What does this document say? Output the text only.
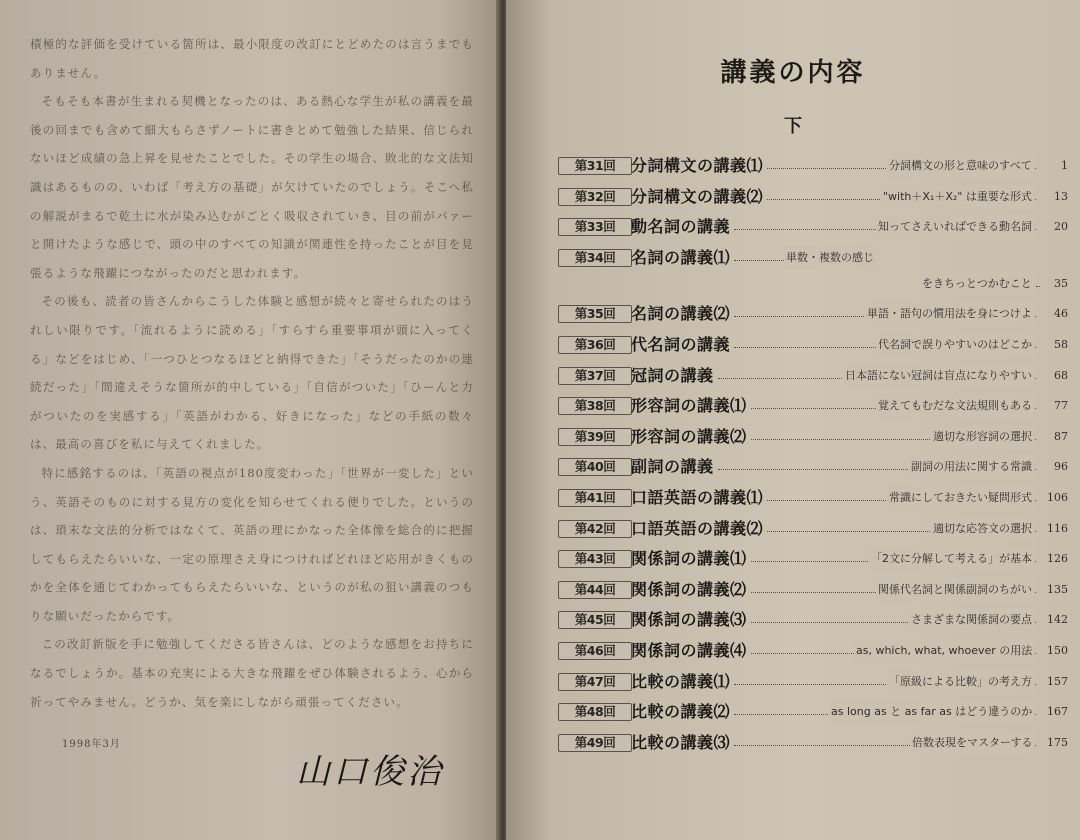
積極的な評価を受けている箇所は、最小限度の改訂にとどめたのは言うまでもありません。

そもそも本書が生まれる契機となったのは、ある熱心な学生が私の講義を最後の回までも含めて細大もらさずノートに書きとめて勉強した結果、信じられないほど成績の急上昇を見せたことでした。その学生の場合、敗北的な文法知識はあるものの、いわば「考え方の基礎」が欠けていたのでしょう。そこへ私の解説がまるで乾土に水が染み込むがごとく吸収されていき、目の前がパァーと開けたような感じで、頭の中のすべての知識が関連性を持ったことが目を見張るような飛躍につながったのだと思われます。

その後も、読者の皆さんからこうした体験と感想が続々と寄せられたのはうれしい限りです。「流れるように読める」「すらすら重要事項が頭に入ってくる」などをはじめ、「一つひとつなるほどと納得できた」「そうだったのかの連続だった」「間違えそうな箇所が的中している」「自信がついた」「ひーんと力がついたのを実感する」「英語がわかる、好きになった」などの手紙の数々は、最高の喜びを私に与えてくれました。

特に感銘するのは、「英語の視点が180度変わった」「世界が一変した」という、英語そのものに対する見方の変化を知らせてくれる便りでした。というのは、瑣末な文法的分析ではなくて、英語の理にかなった全体像を総合的に把握してもらえたらいいな、一定の原理さえ身につければどれほど応用がきくものかを全体を通じてわかってもらえたらいいな、というのが私の狙い講義のつもりな願いだったからです。

この改訂新版を手に勉強してくださる皆さんは、どのような感想をお持ちになるでしょうか。基本の充実による大きな飛躍をぜひ体験されるよう、心から祈ってやみません。どうか、気を楽にしながら頑張ってください。

1998年3月
山口俊治
講義の内容
下
第31回 分詞構文の講義⑴	分詞構文の形と意味のすべて	1
第32回 分詞構文の講義⑵	"with＋X₁＋X₂" は重要な形式	13
第33回 動名詞の講義	知ってさえいればできる動名詞	20
第34回 名詞の講義⑴	単数・複数の感じ
をきちっとつかむこと	35
第35回 名詞の講義⑵	単語・語句の慣用法を身につけよ	46
第36回 代名詞の講義	代名詞で誤りやすいのはどこか	58
第37回 冠詞の講義	日本語にない冠詞は盲点になりやすい	68
第38回 形容詞の講義⑴	覚えてもむだな文法規則もある	77
第39回 形容詞の講義⑵	適切な形容詞の選択	87
第40回 副詞の講義	副詞の用法に関する常識	96
第41回 口語英語の講義⑴	常識にしておきたい疑問形式	106
第42回 口語英語の講義⑵	適切な応答文の選択	116
第43回 関係詞の講義⑴	「2文に分解して考える」が基本	126
第44回 関係詞の講義⑵	関係代名詞と関係副詞のちがい	135
第45回 関係詞の講義⑶	さまざまな関係詞の要点	142
第46回 関係詞の講義⑷	as, which, what, whoever の用法	150
第47回 比較の講義⑴	「原級による比較」の考え方	157
第48回 比較の講義⑵	as long as と as far as はどう違うのか	167
第49回 比較の講義⑶	倍数表現をマスターする	175
